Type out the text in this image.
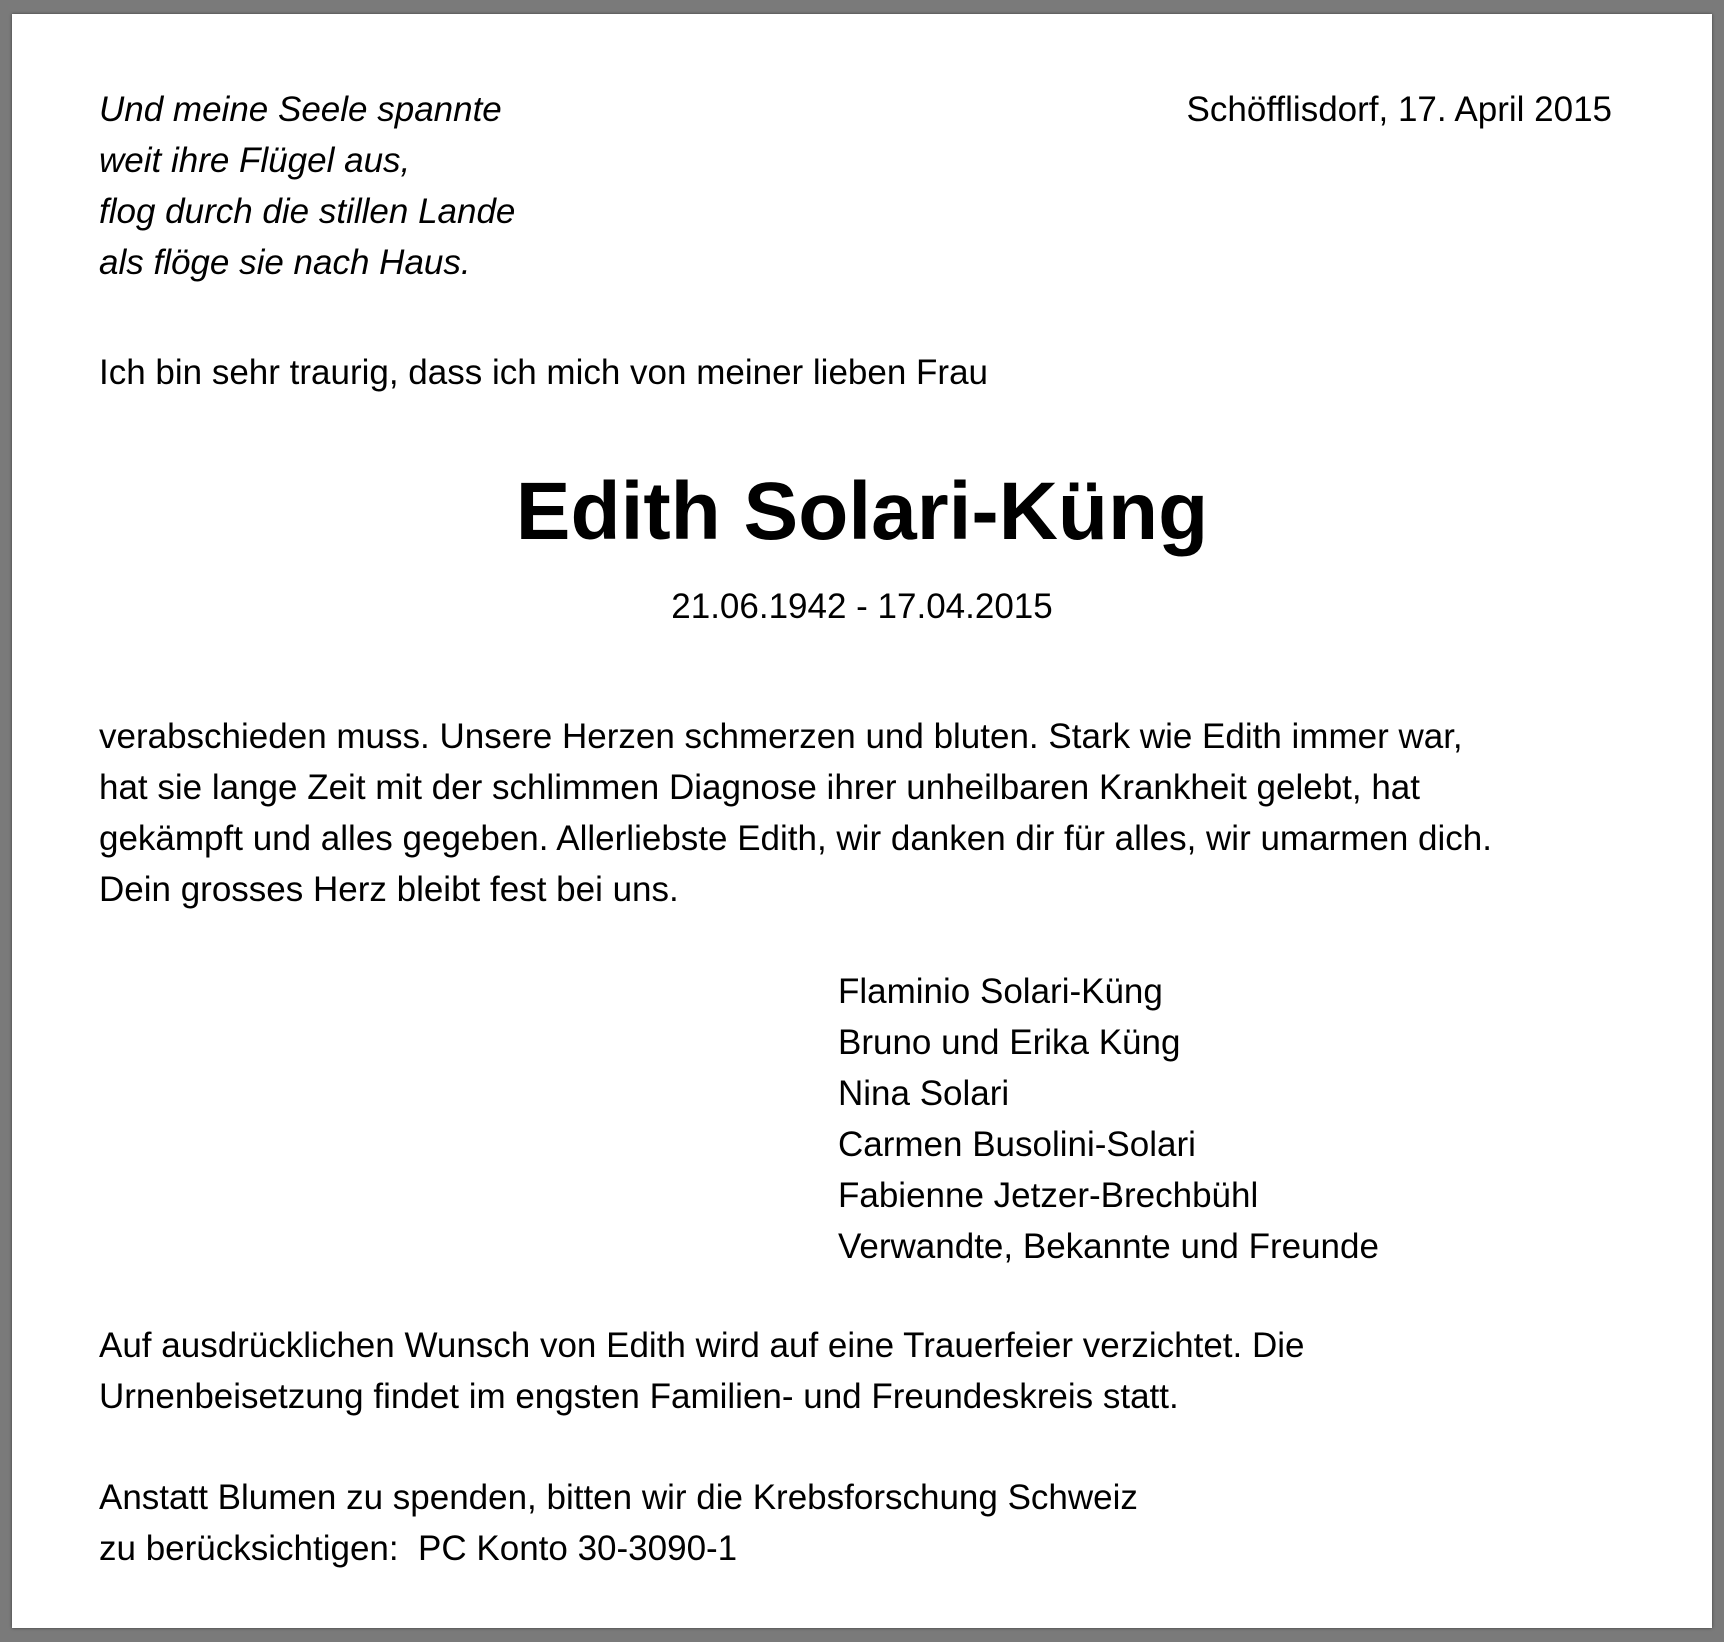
Und meine Seele spannte
weit ihre Flügel aus,
flog durch die stillen Lande
als flöge sie nach Haus.
Schöfflisdorf, 17. April 2015
Ich bin sehr traurig, dass ich mich von meiner lieben Frau
Edith Solari-Küng
21.06.1942 - 17.04.2015
verabschieden muss. Unsere Herzen schmerzen und bluten. Stark wie Edith immer war,
hat sie lange Zeit mit der schlimmen Diagnose ihrer unheilbaren Krankheit gelebt, hat
gekämpft und alles gegeben. Allerliebste Edith, wir danken dir für alles, wir umarmen dich.
Dein grosses Herz bleibt fest bei uns.
Flaminio Solari-Küng
Bruno und Erika Küng
Nina Solari
Carmen Busolini-Solari
Fabienne Jetzer-Brechbühl
Verwandte, Bekannte und Freunde
Auf ausdrücklichen Wunsch von Edith wird auf eine Trauerfeier verzichtet. Die
Urnenbeisetzung findet im engsten Familien- und Freundeskreis statt.
Anstatt Blumen zu spenden, bitten wir die Krebsforschung Schweiz
zu berücksichtigen:  PC Konto 30-3090-1
